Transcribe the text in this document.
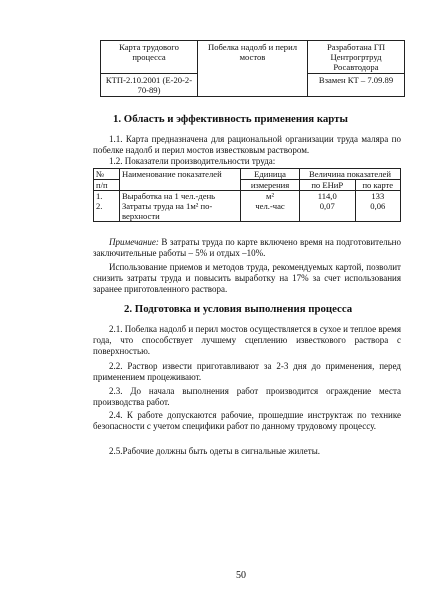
Карта трудового процесса	Побелка надолб и перил мостов	Разработана ГП Центрогртруд Росавтодора
КТП-2.10.2001 (Е-20-2-70-89)		Взамен КТ – 7.09.89
1. Область и эффективность применения карты
1.1. Карта предназначена для рациональной организации труда маляра по побелке надолб и перил мостов известковым раствором.
1.2. Показатели производительности труда:
№	Наименование показателей	Единица	Величина показателей	
п/п		измерения	по ЕНиР	по карте
1.	Выработка на 1 чел.-день	м²	114,0	133
2.	Затраты труда на 1м² по-	чел.-час	0,07	0,06
	верхности			
Примечание: В затраты труда по карте включено время на подготовительно заключительные работы – 5% и отдых –10%.
Использование приемов и методов труда, рекомендуемых картой, позволит снизить затраты труда и повысить выработку на 17% за счет использования заранее приготовленного раствора.
2. Подготовка и условия выполнения процесса
2.1. Побелка надолб и перил мостов осуществляется в сухое и теплое время года, что способствует лучшему сцеплению известкового раствора с поверхностью.
2.2. Раствор извести приготавливают за 2-3 дня до применения, перед применением процеживают.
2.3. До начала выполнения работ производится ограждение места производства работ.
2.4. К работе допускаются рабочие, прошедшие инструктаж по технике безопасности с учетом специфики работ по данному трудовому процессу.
2.5.Рабочие должны быть одеты в сигнальные жилеты.
50
